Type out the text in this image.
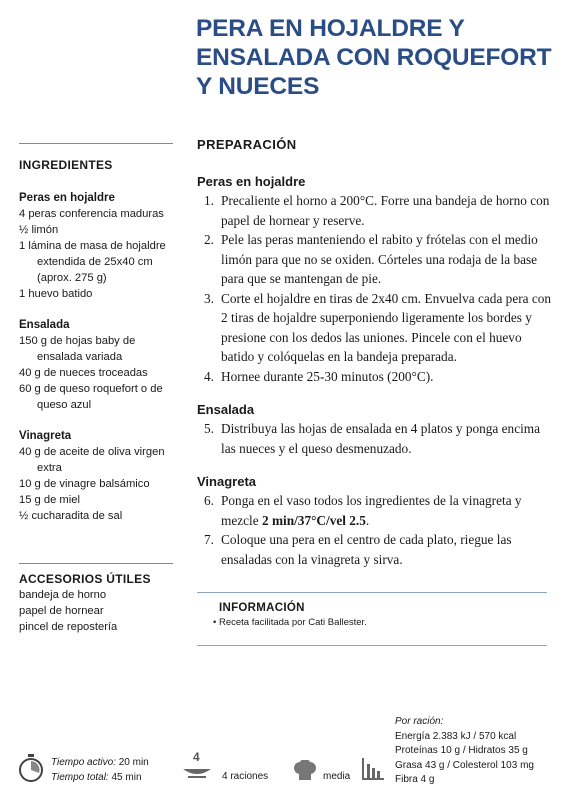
PERA EN HOJALDRE Y
ENSALADA CON ROQUEFORT
Y NUECES
INGREDIENTES
Peras en hojaldre
4 peras conferencia maduras
½ limón
1 lámina de masa de hojaldre extendida de 25x40 cm (aprox. 275 g)
1 huevo batido
Ensalada
150 g de hojas baby de ensalada variada
40 g de nueces troceadas
60 g de queso roquefort o de queso azul
Vinagreta
40 g de aceite de oliva virgen extra
10 g de vinagre balsámico
15 g de miel
½ cucharadita de sal
ACCESORIOS ÚTILES
bandeja de horno
papel de hornear
pincel de repostería
PREPARACIÓN
Peras en hojaldre
1. Precaliente el horno a 200°C. Forre una bandeja de horno con papel de hornear y reserve.
2. Pele las peras manteniendo el rabito y frótelas con el medio limón para que no se oxiden. Córteles una rodaja de la base para que se mantengan de pie.
3. Corte el hojaldre en tiras de 2x40 cm. Envuelva cada pera con 2 tiras de hojaldre superponiendo ligeramente los bordes y presione con los dedos las uniones. Pincele con el huevo batido y colóquelas en la bandeja preparada.
4. Hornee durante 25-30 minutos (200°C).
Ensalada
5. Distribuya las hojas de ensalada en 4 platos y ponga encima las nueces y el queso desmenuzado.
Vinagreta
6. Ponga en el vaso todos los ingredientes de la vinagreta y mezcle 2 min/37°C/vel 2.5.
7. Coloque una pera en el centro de cada plato, riegue las ensaladas con la vinagreta y sirva.
INFORMACIÓN
• Receta facilitada por Cati Ballester.
Por ración:
Energía 2.383 kJ / 570 kcal
Proteínas 10 g / Hidratos 35 g
Grasa 43 g / Colesterol 103 mg
Fibra 4 g
Tiempo activo: 20 min
Tiempo total: 45 min
4
4 raciones	media
